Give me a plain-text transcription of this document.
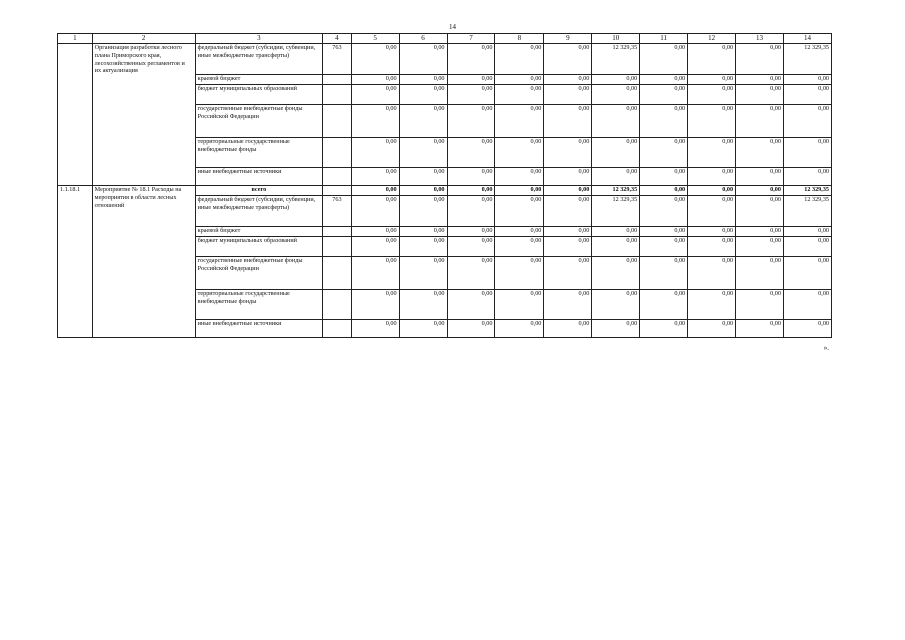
14
1	2	3	4	5	6	7	8	9	10	11	12	13	14
	Организация разработки лесного плана Приморского края, лесохозяйственных регламентов и их актуализация	федеральный бюджет (субсидии, субвенции, иные межбюджетные трансферты)	763	0,00	0,00	0,00	0,00	0,00	12 329,35	0,00	0,00	0,00	12 329,35
		краевой бюджет		0,00	0,00	0,00	0,00	0,00	0,00	0,00	0,00	0,00	0,00
		бюджет муниципальных образований		0,00	0,00	0,00	0,00	0,00	0,00	0,00	0,00	0,00	0,00
		государственные внебюджетные фонды Российской Федерации		0,00	0,00	0,00	0,00	0,00	0,00	0,00	0,00	0,00	0,00
		территориальные государственные внебюджетные фонды		0,00	0,00	0,00	0,00	0,00	0,00	0,00	0,00	0,00	0,00
		иные внебюджетные источники		0,00	0,00	0,00	0,00	0,00	0,00	0,00	0,00	0,00	0,00
1.1.18.1	Мероприятие № 18.1 Расходы на мероприятия в области лесных отношений	всего		0,00	0,00	0,00	0,00	0,00	12 329,35	0,00	0,00	0,00	12 329,35
		федеральный бюджет (субсидии, субвенции, иные межбюджетные трансферты)	763	0,00	0,00	0,00	0,00	0,00	12 329,35	0,00	0,00	0,00	12 329,35
		краевой бюджет		0,00	0,00	0,00	0,00	0,00	0,00	0,00	0,00	0,00	0,00
		бюджет муниципальных образований		0,00	0,00	0,00	0,00	0,00	0,00	0,00	0,00	0,00	0,00
		государственные внебюджетные фонды Российской Федерации		0,00	0,00	0,00	0,00	0,00	0,00	0,00	0,00	0,00	0,00
		территориальные государственные внебюджетные фонды		0,00	0,00	0,00	0,00	0,00	0,00	0,00	0,00	0,00	0,00
		иные внебюджетные источники		0,00	0,00	0,00	0,00	0,00	0,00	0,00	0,00	0,00	0,00
».
